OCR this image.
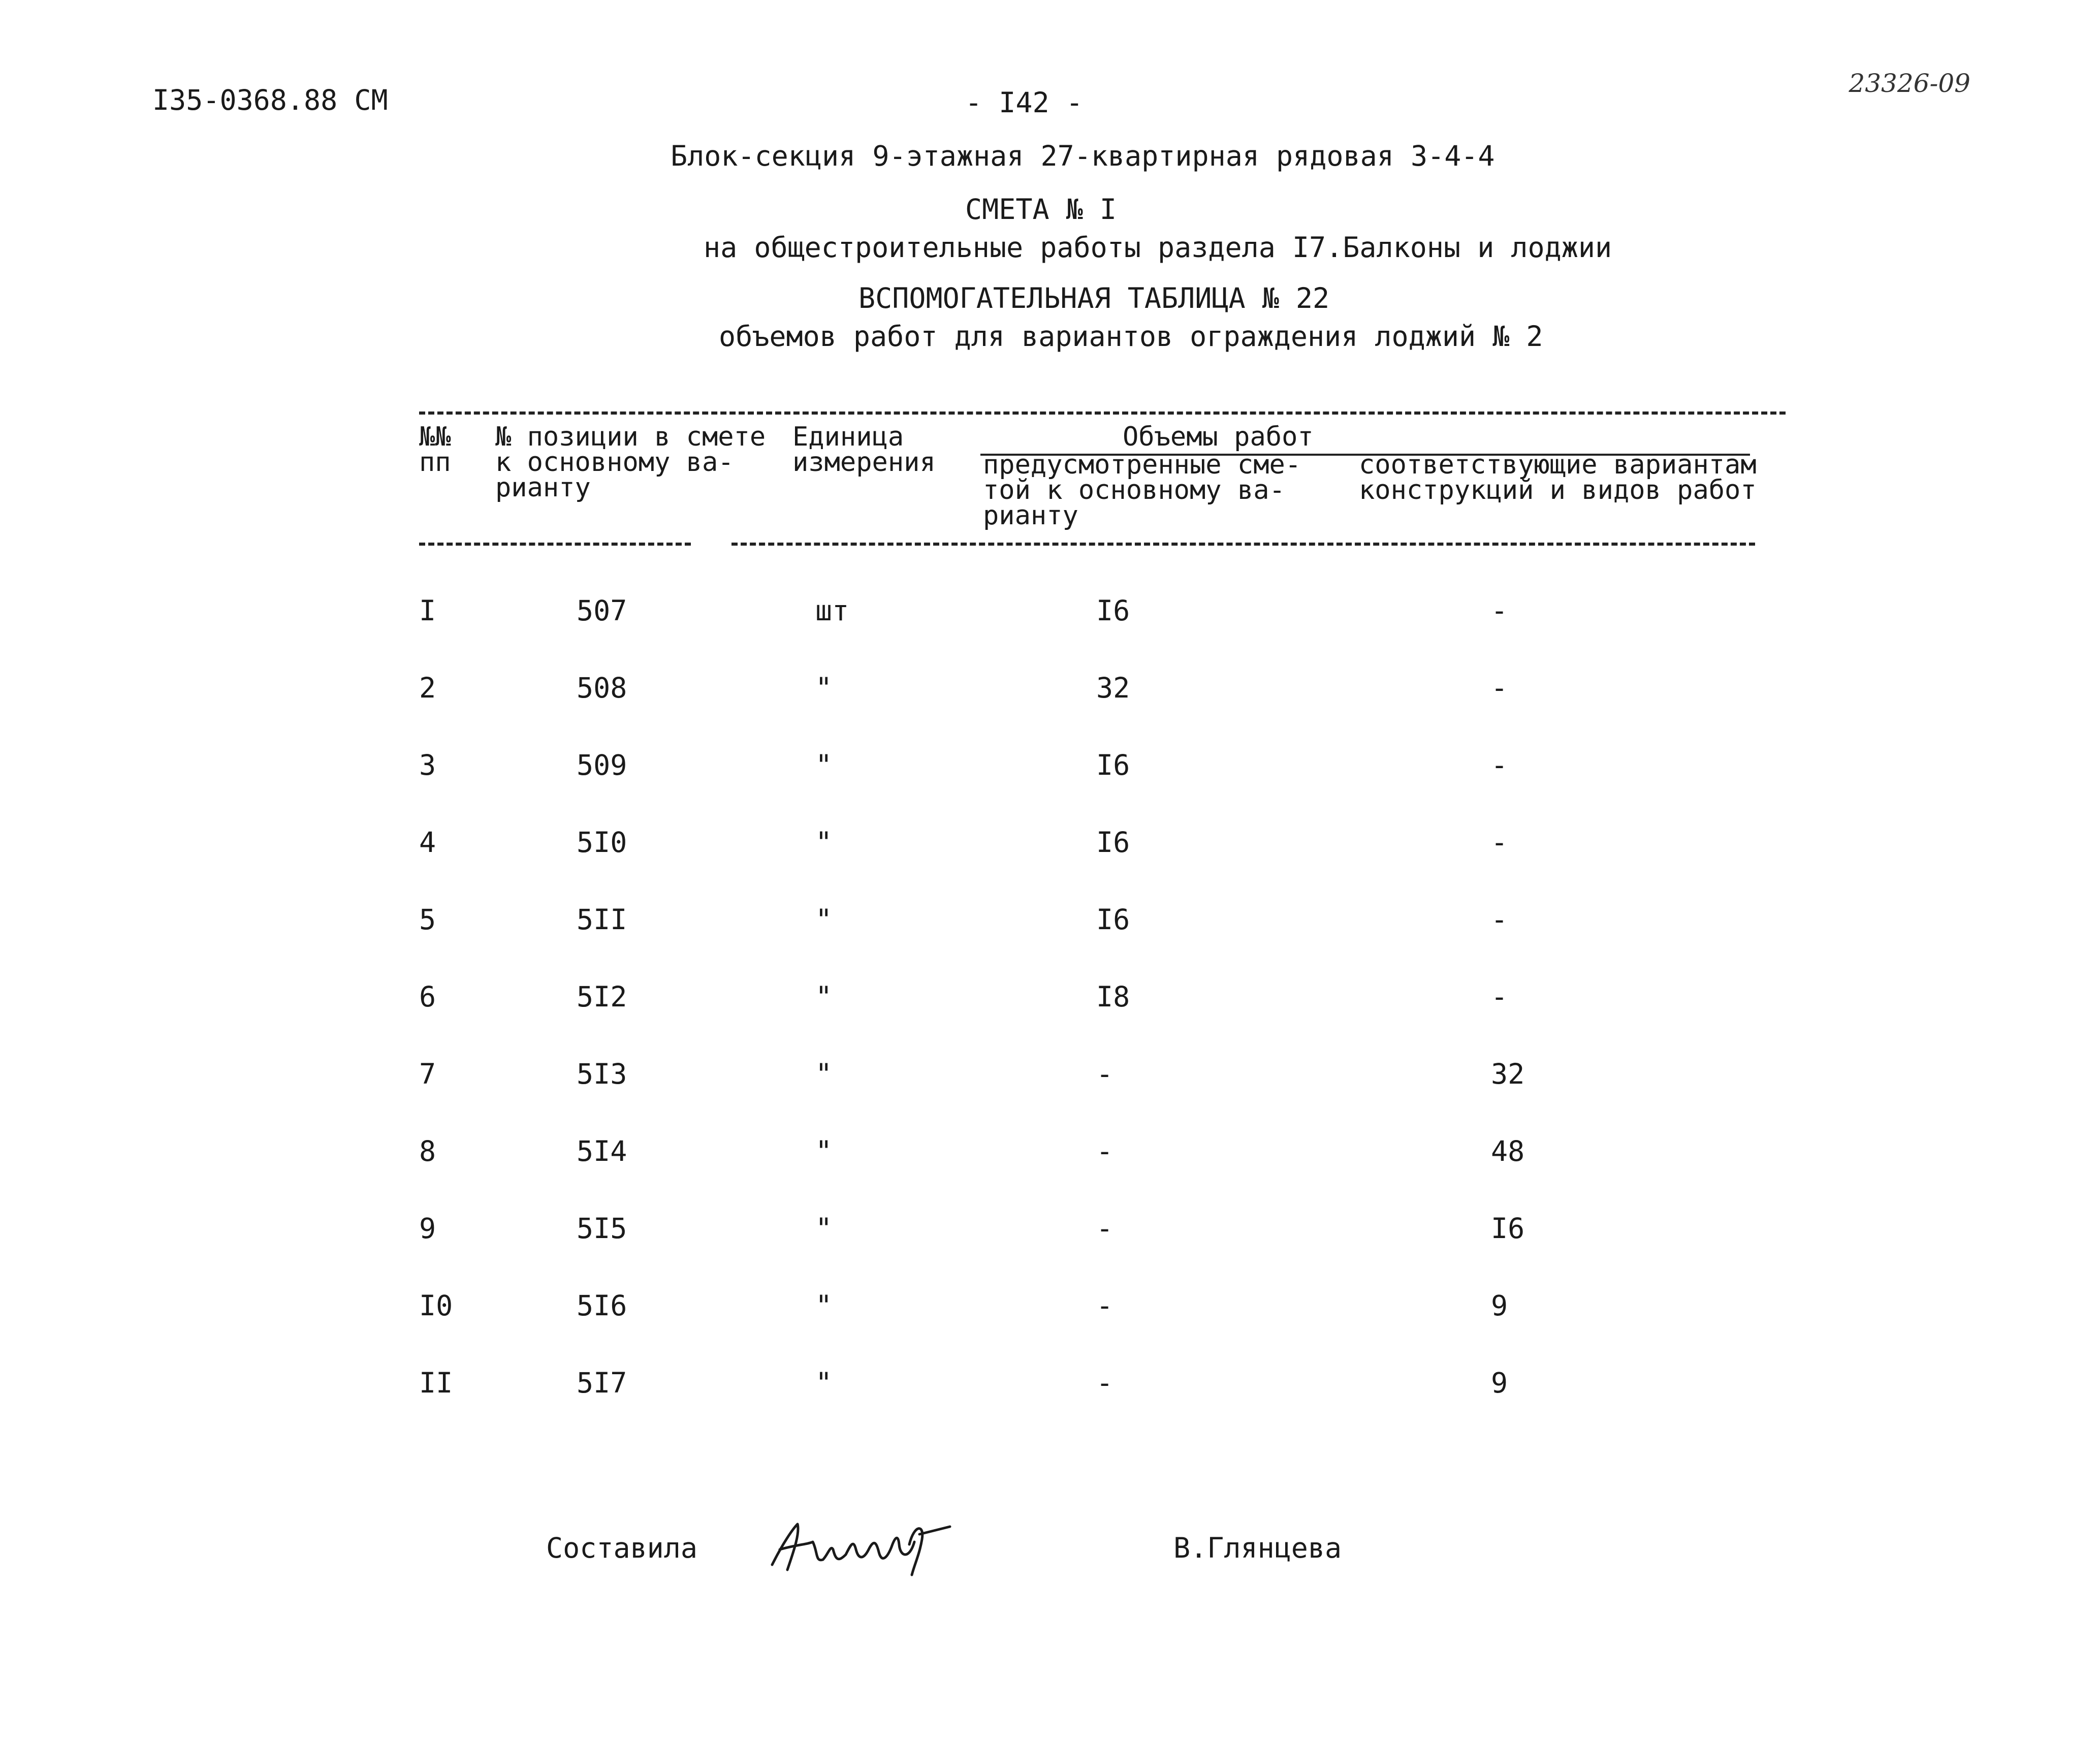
I35-0368.88 СМ	- I42 -
23326-09
Блок-секция 9-этажная 27-квартирная рядовая 3-4-4
СМЕТА № I
на общестроительные работы раздела I7.Балконы и лоджии
ВСПОМОГАТЕЛЬНАЯ ТАБЛИЦА № 22
объемов работ для вариантов ограждения лоджий № 2
№№
пп
№ позиции в смете
к основному ва-
рианту
Единица
измерения
Объемы работ
предусмотренные сме-
той к основному ва-
рианту
соответствующие вариантам
конструкций и видов работ
I	507	шт	I6	-
2	508	"	32	-
3	509	"	I6	-
4	5I0	"	I6	-
5	5II	"	I6	-
6	5I2	"	I8	-
7	5I3	"	-	32
8	5I4	"	-	48
9	5I5	"	-	I6
I0	5I6	"	-	9
II	5I7	"	-	9
Составила	В.Глянцева
